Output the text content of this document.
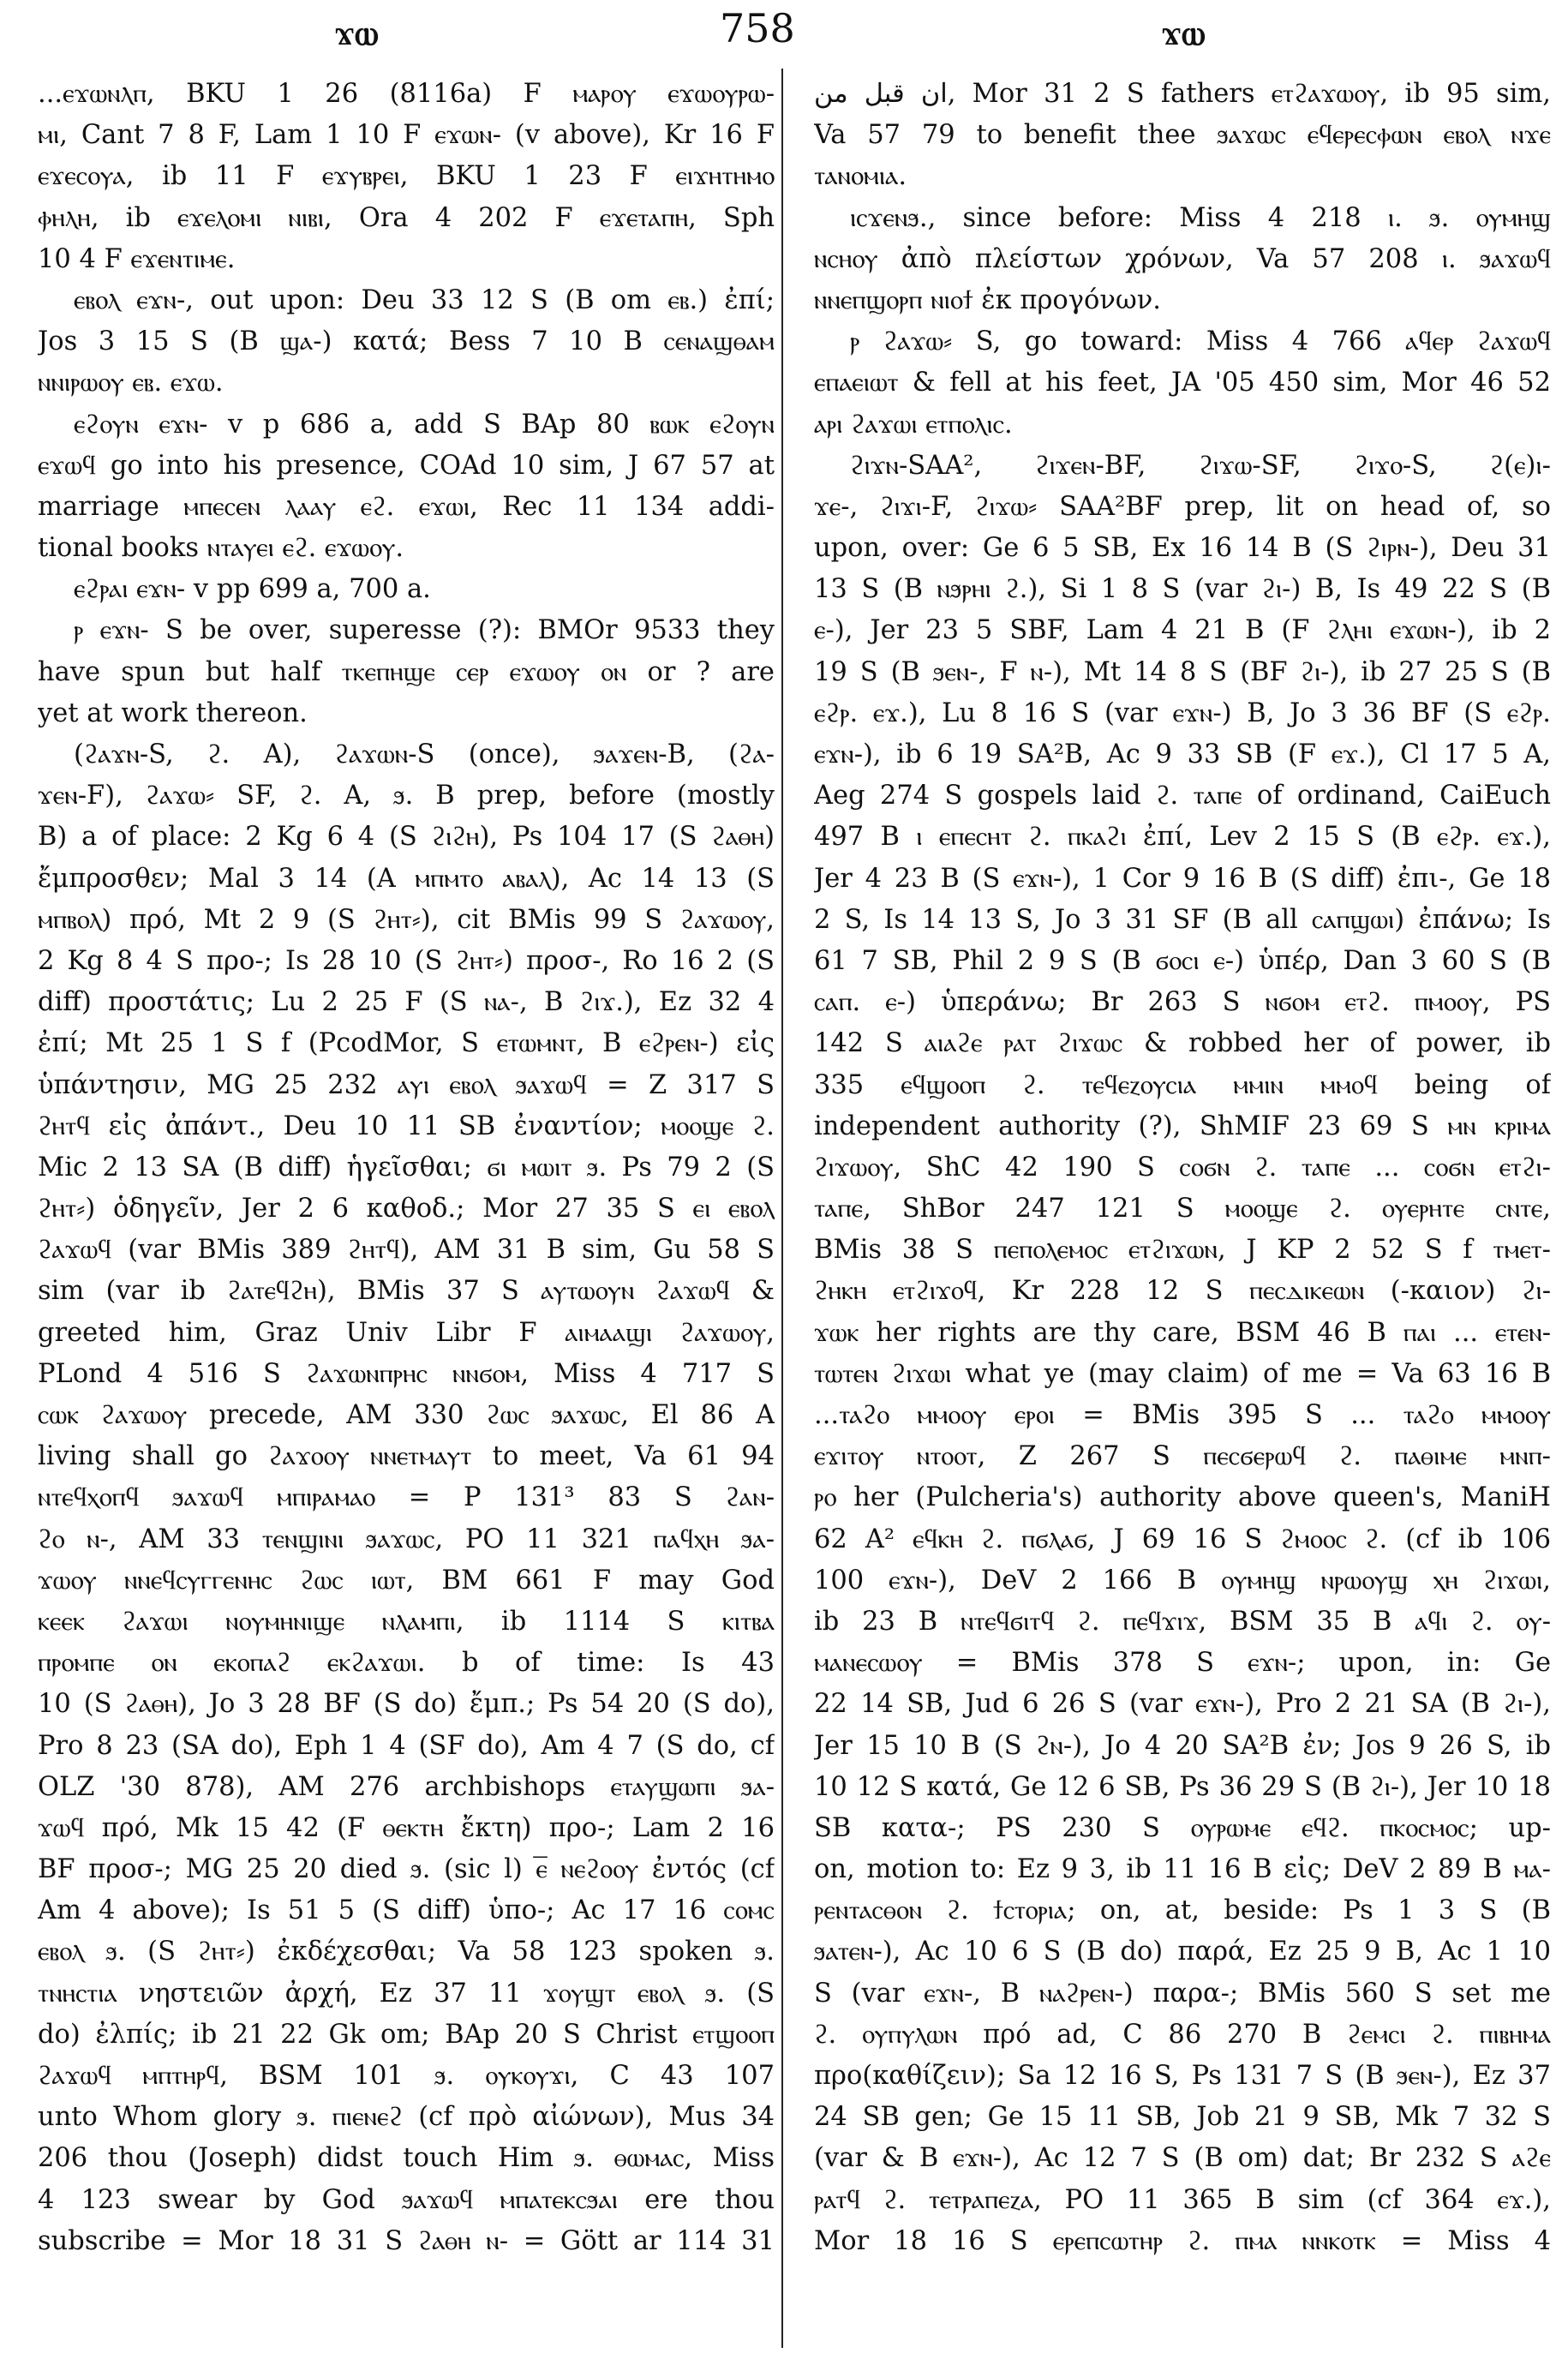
ϫⲱ	758	ϫⲱ
...ⲉϫⲱⲛⲗⲡ, BKU 1 26 (8116a) F ⲙⲁⲣⲟⲩ ⲉϫⲱⲟⲩⲣⲱ-
ⲙⲓ, Cant 7 8 F, Lam 1 10 F ⲉϫⲱⲛ- (v above), Kr 16 F
ⲉϫⲉⲥⲟⲩⲁ, ib 11 F ⲉϫⲩⲃⲣⲉⲓ, BKU 1 23 F ⲉⲓϫⲏⲧⲏⲙⲟ
ⲫⲏⲗⲏ, ib ⲉϫⲉⲗⲟⲙⲓ ⲛⲓⲃⲓ, Ora 4 202 F ⲉϫⲉⲧⲁⲡⲏ, Sph
10 4 F ⲉϫⲉⲛⲧⲓⲙⲉ.
ⲉⲃⲟⲗ ⲉϫⲛ-, out upon: Deu 33 12 S (B om ⲉⲃ.) ἐπί;
Jos 3 15 S (B ϣⲁ-) κατά; Bess 7 10 B ⲥⲉⲛⲁϣⲑⲁⲙ
ⲛⲛⲓⲣⲱⲟⲩ ⲉⲃ. ⲉϫⲱ.
ⲉϩⲟⲩⲛ ⲉϫⲛ- v p 686 a, add S BAp 80 ⲃⲱⲕ ⲉϩⲟⲩⲛ
ⲉϫⲱϥ go into his presence, COAd 10 sim, J 67 57 at
marriage ⲙⲡⲉⲥⲉⲛ ⲗⲁⲁⲩ ⲉϩ. ⲉϫⲱⲓ, Rec 11 134 addi-
tional books ⲛⲧⲁⲩⲉⲓ ⲉϩ. ⲉϫⲱⲟⲩ.
ⲉϩⲣⲁⲓ ⲉϫⲛ- v pp 699 a, 700 a.
ⲣ ⲉϫⲛ- S be over, superesse (?): BMOr 9533 they
have spun but half ⲧⲕⲉⲡⲏϣⲉ ⲥⲉⲣ ⲉϫⲱⲟⲩ ⲟⲛ or ? are
yet at work thereon.
(ϩⲁϫⲛ-S, ϩ. A), ϩⲁϫⲱⲛ-S (once), ϧⲁϫⲉⲛ-B, (ϩⲁ-
ϫⲉⲛ-F), ϩⲁϫⲱ⸗ SF, ϩ. A, ϧ. B prep, before (mostly
B) a of place: 2 Kg 6 4 (S ϩⲓϩⲏ), Ps 104 17 (S ϩⲁⲑⲏ)
ἔμπροσθεν; Mal 3 14 (A ⲙⲡⲙⲧⲟ ⲁⲃⲁⲗ), Ac 14 13 (S
ⲙⲡⲃⲟⲗ) πρό, Mt 2 9 (S ϩⲏⲧ⸗), cit BMis 99 S ϩⲁϫⲱⲟⲩ,
2 Kg 8 4 S προ-; Is 28 10 (S ϩⲏⲧ⸗) προσ-, Ro 16 2 (S
diff) προστάτις; Lu 2 25 F (S ⲛⲁ-, B ϩⲓϫ.), Ez 32 4
ἐπί; Mt 25 1 S f (PcodMor, S ⲉⲧⲱⲙⲛⲧ, B ⲉϩⲣⲉⲛ-) εἰς
ὑπάντησιν, MG 25 232 ⲁⲩⲓ ⲉⲃⲟⲗ ϧⲁϫⲱϥ = Z 317 S
ϩⲏⲧϥ εἰς ἀπάντ., Deu 10 11 SB ἐναντίον; ⲙⲟⲟϣⲉ ϩ.
Mic 2 13 SA (B diff) ἡγεῖσθαι; ϭⲓ ⲙⲱⲓⲧ ϧ. Ps 79 2 (S
ϩⲏⲧ⸗) ὁδηγεῖν, Jer 2 6 καθοδ.; Mor 27 35 S ⲉⲓ ⲉⲃⲟⲗ
ϩⲁϫⲱϥ (var BMis 389 ϩⲏⲧϥ), AM 31 B sim, Gu 58 S
sim (var ib ϩⲁⲧⲉϥϩⲏ), BMis 37 S ⲁⲩⲧⲱⲟⲩⲛ ϩⲁϫⲱϥ &
greeted him, Graz Univ Libr F ⲁⲓⲙⲁⲁϣⲓ ϩⲁϫⲱⲟⲩ,
PLond 4 516 S ϩⲁϫⲱⲛⲡⲣⲏⲥ ⲛⲛϭⲟⲙ, Miss 4 717 S
ⲥⲱⲕ ϩⲁϫⲱⲟⲩ precede, AM 330 ϩⲱⲥ ϧⲁϫⲱⲥ, El 86 A
living shall go ϩⲁϫⲟⲟⲩ ⲛⲛⲉⲧⲙⲁⲩⲧ to meet, Va 61 94
ⲛⲧⲉϥⲭⲟⲡϥ ϧⲁϫⲱϥ ⲙⲡⲓⲣⲁⲙⲁⲟ = P 131³ 83 S ϩⲁⲛ-
ϩⲟ ⲛ-, AM 33 ⲧⲉⲛϣⲓⲛⲓ ϧⲁϫⲱⲥ, PO 11 321 ⲡⲁϥⲭⲏ ϧⲁ-
ϫⲱⲟⲩ ⲛⲛⲉϥⲥⲩⲅⲅⲉⲛⲏⲥ ϩⲱⲥ ⲓⲱⲧ, BM 661 F may God
ⲕⲉⲉⲕ ϩⲁϫⲱⲓ ⲛⲟⲩⲙⲏⲛⲓϣⲉ ⲛⲗⲁⲙⲡⲓ, ib 1114 S ⲕⲓⲧⲃⲁ
ⲡⲣⲟⲙⲡⲉ ⲟⲛ ⲉⲕⲟⲡⲁϩ ⲉⲕϩⲁϫⲱⲓ. b of time: Is 43
10 (S ϩⲁⲑⲏ), Jo 3 28 BF (S do) ἔμπ.; Ps 54 20 (S do),
Pro 8 23 (SA do), Eph 1 4 (SF do), Am 4 7 (S do, cf
OLZ '30 878), AM 276 archbishops ⲉⲧⲁⲩϣⲱⲡⲓ ϧⲁ-
ϫⲱϥ πρό, Mk 15 42 (F ⲑⲉⲕⲧⲏ ἔκτη) προ-; Lam 2 16
BF προσ-; MG 25 20 died ϧ. (sic l) ⲉ̅ ⲛⲉϩⲟⲟⲩ ἐντός (cf
Am 4 above); Is 51 5 (S diff) ὑπο-; Ac 17 16 ⲥⲟⲙⲥ
ⲉⲃⲟⲗ ϧ. (S ϩⲏⲧ⸗) ἐκδέχεσθαι; Va 58 123 spoken ϧ.
ⲧⲛⲏⲥⲧⲓⲁ νηστειῶν ἀρχή, Ez 37 11 ϫⲟⲩϣⲧ ⲉⲃⲟⲗ ϧ. (S
do) ἐλπίς; ib 21 22 Gk om; BAp 20 S Christ ⲉⲧϣⲟⲟⲡ
ϩⲁϫⲱϥ ⲙⲡⲧⲏⲣϥ, BSM 101 ϧ. ⲟⲩⲕⲟⲩϫⲓ, C 43 107
unto Whom glory ϧ. ⲡⲓⲉⲛⲉϩ (cf πρὸ αἰώνων), Mus 34
206 thou (Joseph) didst touch Him ϧ. ⲑⲱⲙⲁⲥ, Miss
4 123 swear by God ϧⲁϫⲱϥ ⲙⲡⲁⲧⲉⲕⲥϧⲁⲓ ere thou
subscribe = Mor 18 31 S ϩⲁⲑⲏ ⲛ- = Gött ar 114 31
ان قبل من, Mor 31 2 S fathers ⲉⲧϩⲁϫⲱⲟⲩ, ib 95 sim,
Va 57 79 to benefit thee ϧⲁϫⲱⲥ ⲉϥⲉⲣⲉⲥⲫⲱⲛ ⲉⲃⲟⲗ ⲛϫⲉ
ⲧⲁⲛⲟⲙⲓⲁ.
ⲓⲥϫⲉⲛϧ., since before: Miss 4 218 ⲓ. ϧ. ⲟⲩⲙⲏϣ
ⲛⲥⲏⲟⲩ ἀπὸ πλείστων χρόνων, Va 57 208 ⲓ. ϧⲁϫⲱϥ
ⲛⲛⲉⲡϣⲟⲣⲡ ⲛⲓⲟϯ ἐκ προγόνων.
ⲣ ϩⲁϫⲱ⸗ S, go toward: Miss 4 766 ⲁϥⲉⲣ ϩⲁϫⲱϥ
ⲉⲡⲁⲉⲓⲱⲧ & fell at his feet, JA '05 450 sim, Mor 46 52
ⲁⲣⲓ ϩⲁϫⲱⲓ ⲉⲧⲡⲟⲗⲓⲥ.
ϩⲓϫⲛ-SAA², ϩⲓϫⲉⲛ-BF, ϩⲓϫⲱ-SF, ϩⲓϫⲟ-S, ϩ(ⲉ)ⲓ-
ϫⲉ-, ϩⲓϫⲓ-F, ϩⲓϫⲱ⸗ SAA²BF prep, lit on head of, so
upon, over: Ge 6 5 SB, Ex 16 14 B (S ϩⲓⲣⲛ-), Deu 31
13 S (B ⲛϧⲣⲏⲓ ϩ.), Si 1 8 S (var ϩⲓ-) B, Is 49 22 S (B
ⲉ-), Jer 23 5 SBF, Lam 4 21 B (F ϩⲗⲏⲓ ⲉϫⲱⲛ-), ib 2
19 S (B ϧⲉⲛ-, F ⲛ-), Mt 14 8 S (BF ϩⲓ-), ib 27 25 S (B
ⲉϩⲣ. ⲉϫ.), Lu 8 16 S (var ⲉϫⲛ-) B, Jo 3 36 BF (S ⲉϩⲣ.
ⲉϫⲛ-), ib 6 19 SA²B, Ac 9 33 SB (F ⲉϫ.), Cl 17 5 A,
Aeg 274 S gospels laid ϩ. ⲧⲁⲡⲉ of ordinand, CaiEuch
497 B ⲓ ⲉⲡⲉⲥⲏⲧ ϩ. ⲡⲕⲁϩⲓ ἐπί, Lev 2 15 S (B ⲉϩⲣ. ⲉϫ.),
Jer 4 23 B (S ⲉϫⲛ-), 1 Cor 9 16 B (S diff) ἐπι-, Ge 18
2 S, Is 14 13 S, Jo 3 31 SF (B all ⲥⲁⲡϣⲱⲓ) ἐπάνω; Is
61 7 SB, Phil 2 9 S (B ϭⲟⲥⲓ ⲉ-) ὑπέρ, Dan 3 60 S (B
ⲥⲁⲡ. ⲉ-) ὑπεράνω; Br 263 S ⲛϭⲟⲙ ⲉⲧϩ. ⲡⲙⲟⲟⲩ, PS
142 S ⲁⲓⲁϩⲉ ⲣⲁⲧ ϩⲓϫⲱⲥ & robbed her of power, ib
335 ⲉϥϣⲟⲟⲡ ϩ. ⲧⲉϥⲉⲍⲟⲩⲥⲓⲁ ⲙⲙⲓⲛ ⲙⲙⲟϥ being of
independent authority (?), ShMIF 23 69 S ⲙⲛ ⲕⲣⲓⲙⲁ
ϩⲓϫⲱⲟⲩ, ShC 42 190 S ⲥⲟϭⲛ ϩ. ⲧⲁⲡⲉ ... ⲥⲟϭⲛ ⲉⲧϩⲓ-
ⲧⲁⲡⲉ, ShBor 247 121 S ⲙⲟⲟϣⲉ ϩ. ⲟⲩⲉⲣⲏⲧⲉ ⲥⲛⲧⲉ,
BMis 38 S ⲡⲉⲡⲟⲗⲉⲙⲟⲥ ⲉⲧϩⲓϫⲱⲛ, J KP 2 52 S f ⲧⲙⲉⲧ-
ϩⲏⲕⲏ ⲉⲧϩⲓϫⲟϥ, Kr 228 12 S ⲡⲉⲥⲇⲓⲕⲉⲱⲛ (-καιον) ϩⲓ-
ϫⲱⲕ her rights are thy care, BSM 46 B ⲡⲁⲓ ... ⲉⲧⲉⲛ-
ⲧⲱⲧⲉⲛ ϩⲓϫⲱⲓ what ye (may claim) of me = Va 63 16 B
...ⲧⲁϩⲟ ⲙⲙⲟⲟⲩ ⲉⲣⲟⲓ = BMis 395 S ... ⲧⲁϩⲟ ⲙⲙⲟⲟⲩ
ⲉϫⲓⲧⲟⲩ ⲛⲧⲟⲟⲧ, Z 267 S ⲡⲉⲥϭⲉⲣⲱϥ ϩ. ⲡⲁⲑⲓⲙⲉ ⲙⲛⲡ-
ⲣⲟ her (Pulcheria's) authority above queen's, ManiH
62 A² ⲉϥⲕⲏ ϩ. ⲡϭⲗⲁϭ, J 69 16 S ϩⲙⲟⲟⲥ ϩ. (cf ib 106
100 ⲉϫⲛ-), DeV 2 166 B ⲟⲩⲙⲏϣ ⲛⲣⲱⲟⲩϣ ⲭⲏ ϩⲓϫⲱⲓ,
ib 23 B ⲛⲧⲉϥϭⲓⲧϥ ϩ. ⲡⲉϥϫⲓϫ, BSM 35 B ⲁϥⲓ ϩ. ⲟⲩ-
ⲙⲁⲛⲉⲥⲱⲟⲩ = BMis 378 S ⲉϫⲛ-; upon, in: Ge
22 14 SB, Jud 6 26 S (var ⲉϫⲛ-), Pro 2 21 SA (B ϩⲓ-),
Jer 15 10 B (S ϩⲛ-), Jo 4 20 SA²B ἐν; Jos 9 26 S, ib
10 12 S κατά, Ge 12 6 SB, Ps 36 29 S (B ϩⲓ-), Jer 10 18
SB κατα-; PS 230 S ⲟⲩⲣⲱⲙⲉ ⲉϥϩ. ⲡⲕⲟⲥⲙⲟⲥ; up-
on, motion to: Ez 9 3, ib 11 16 B εἰς; DeV 2 89 B ⲙⲁ-
ⲣⲉⲛⲧⲁⲥⲑⲟⲛ ϩ. ϯⲥⲧⲟⲣⲓⲁ; on, at, beside: Ps 1 3 S (B
ϧⲁⲧⲉⲛ-), Ac 10 6 S (B do) παρά, Ez 25 9 B, Ac 1 10
S (var ⲉϫⲛ-, B ⲛⲁϩⲣⲉⲛ-) παρα-; BMis 560 S set me
ϩ. ⲟⲩⲡⲩⲗⲱⲛ πρό ad, C 86 270 B ϩⲉⲙⲥⲓ ϩ. ⲡⲓⲃⲏⲙⲁ
προ(καθίζειν); Sa 12 16 S, Ps 131 7 S (B ϧⲉⲛ-), Ez 37
24 SB gen; Ge 15 11 SB, Job 21 9 SB, Mk 7 32 S
(var & B ⲉϫⲛ-), Ac 12 7 S (B om) dat; Br 232 S ⲁϩⲉ
ⲣⲁⲧϥ ϩ. ⲧⲉⲧⲣⲁⲡⲉⲍⲁ, PO 11 365 B sim (cf 364 ⲉϫ.),
Mor 18 16 S ⲉⲣⲉⲡⲥⲱⲧⲏⲣ ϩ. ⲡⲙⲁ ⲛⲛⲕⲟⲧⲕ = Miss 4
